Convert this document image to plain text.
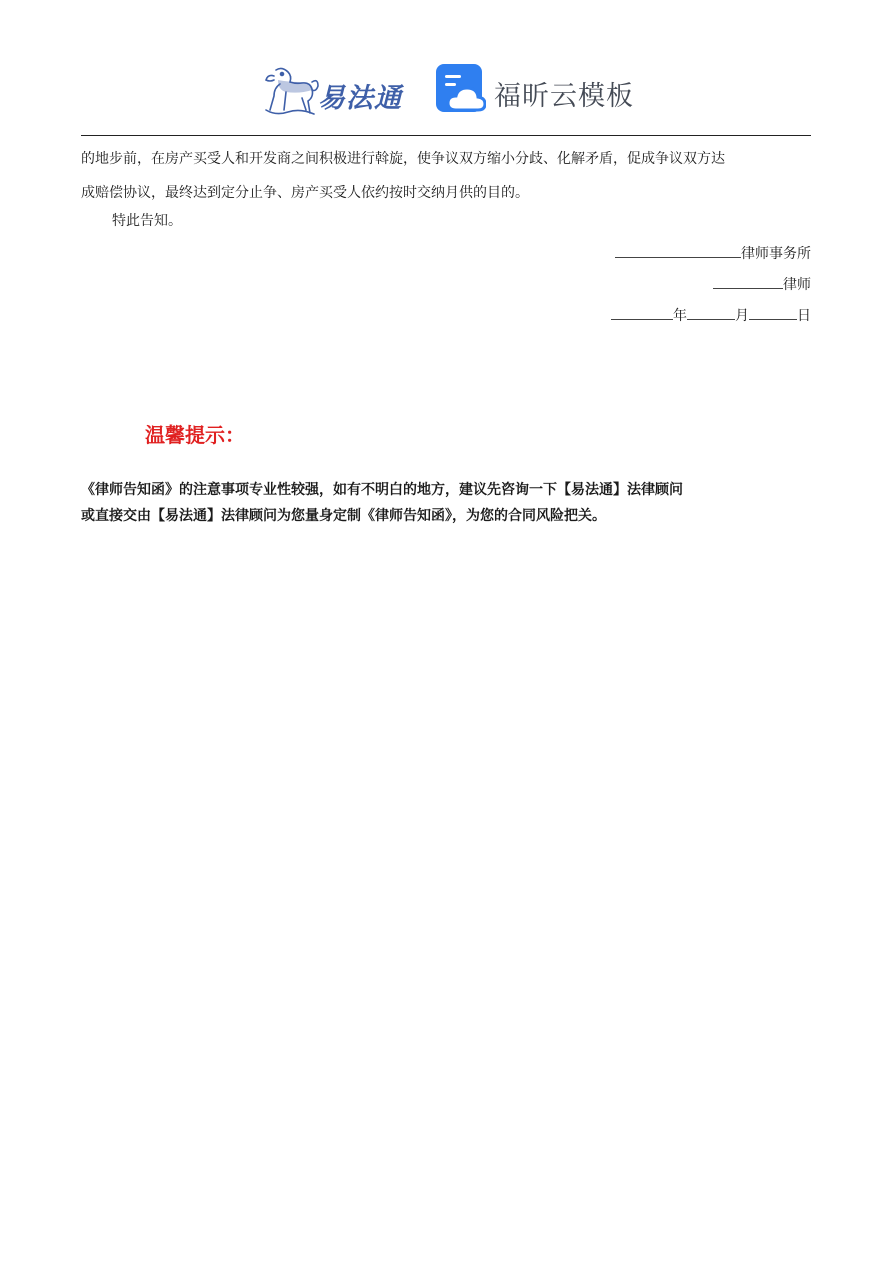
易法通	福昕云模板
的地步前，在房产买受人和开发商之间积极进行斡旋，使争议双方缩小分歧、化解矛盾，促成争议双方达
成赔偿协议，最终达到定分止争、房产买受人依约按时交纳月供的目的。
特此告知。
律师事务所
律师
年	月	日
温馨提示：
《律师告知函》的注意事项专业性较强，如有不明白的地方，建议先咨询一下【易法通】法律顾问
或直接交由【易法通】法律顾问为您量身定制《律师告知函》，为您的合同风险把关。
